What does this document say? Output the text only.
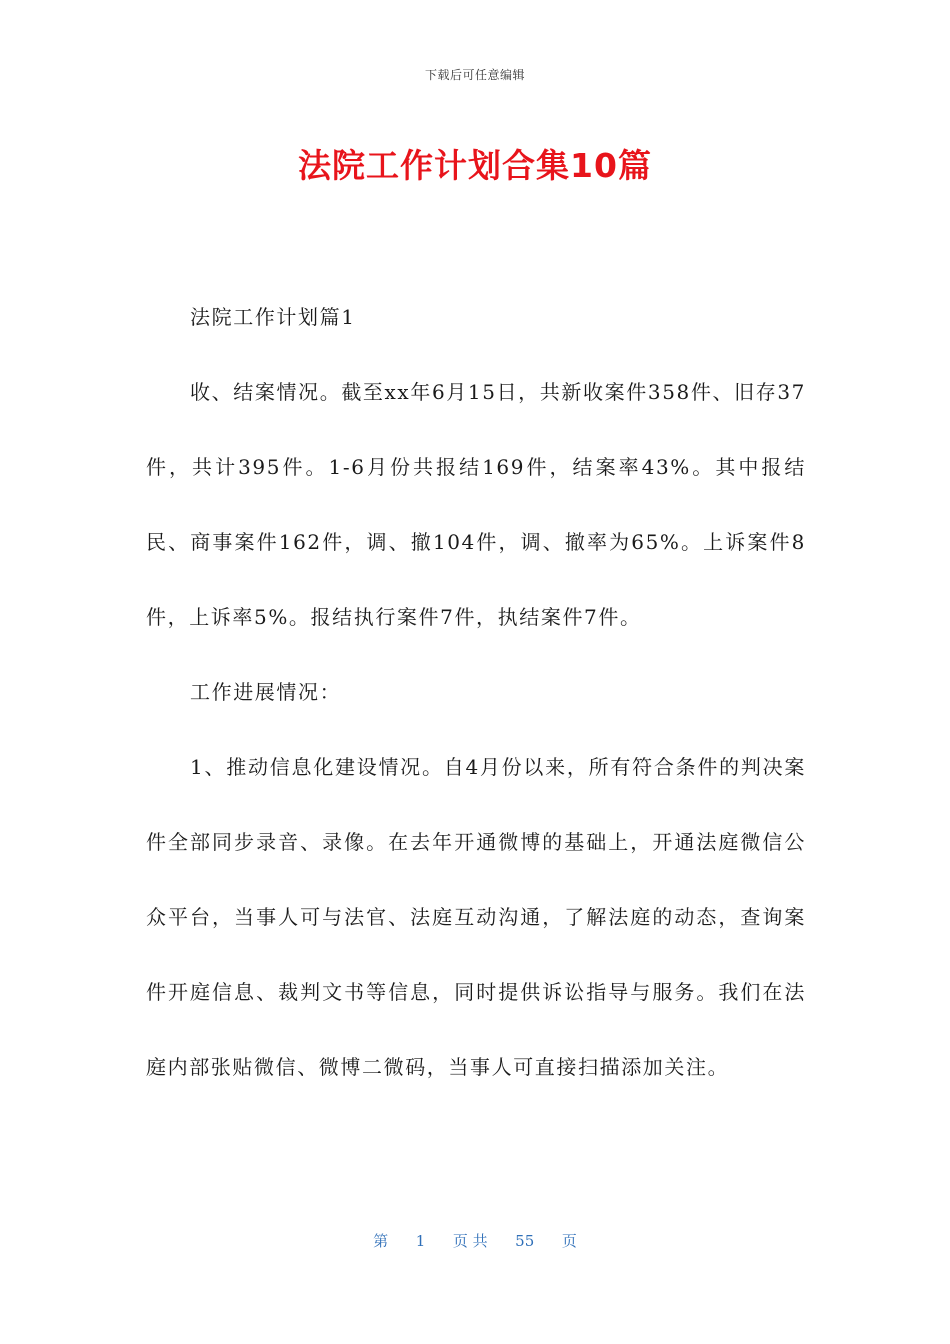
下载后可任意编辑
法院工作计划合集10篇

法院工作计划篇1

收、结案情况。截至xx年6月15日，共新收案件358件、旧存37件，共计395件。1-6月份共报结169件，结案率43%。其中报结民、商事案件162件，调、撤104件，调、撤率为65%。上诉案件8件，上诉率5%。报结执行案件7件，执结案件7件。

工作进展情况：

1、推动信息化建设情况。自4月份以来，所有符合条件的判决案件全部同步录音、录像。在去年开通微博的基础上，开通法庭微信公众平台，当事人可与法官、法庭互动沟通，了解法庭的动态，查询案件开庭信息、裁判文书等信息，同时提供诉讼指导与服务。我们在法庭内部张贴微信、微博二微码，当事人可直接扫描添加关注。

第 1 页 共 55 页
